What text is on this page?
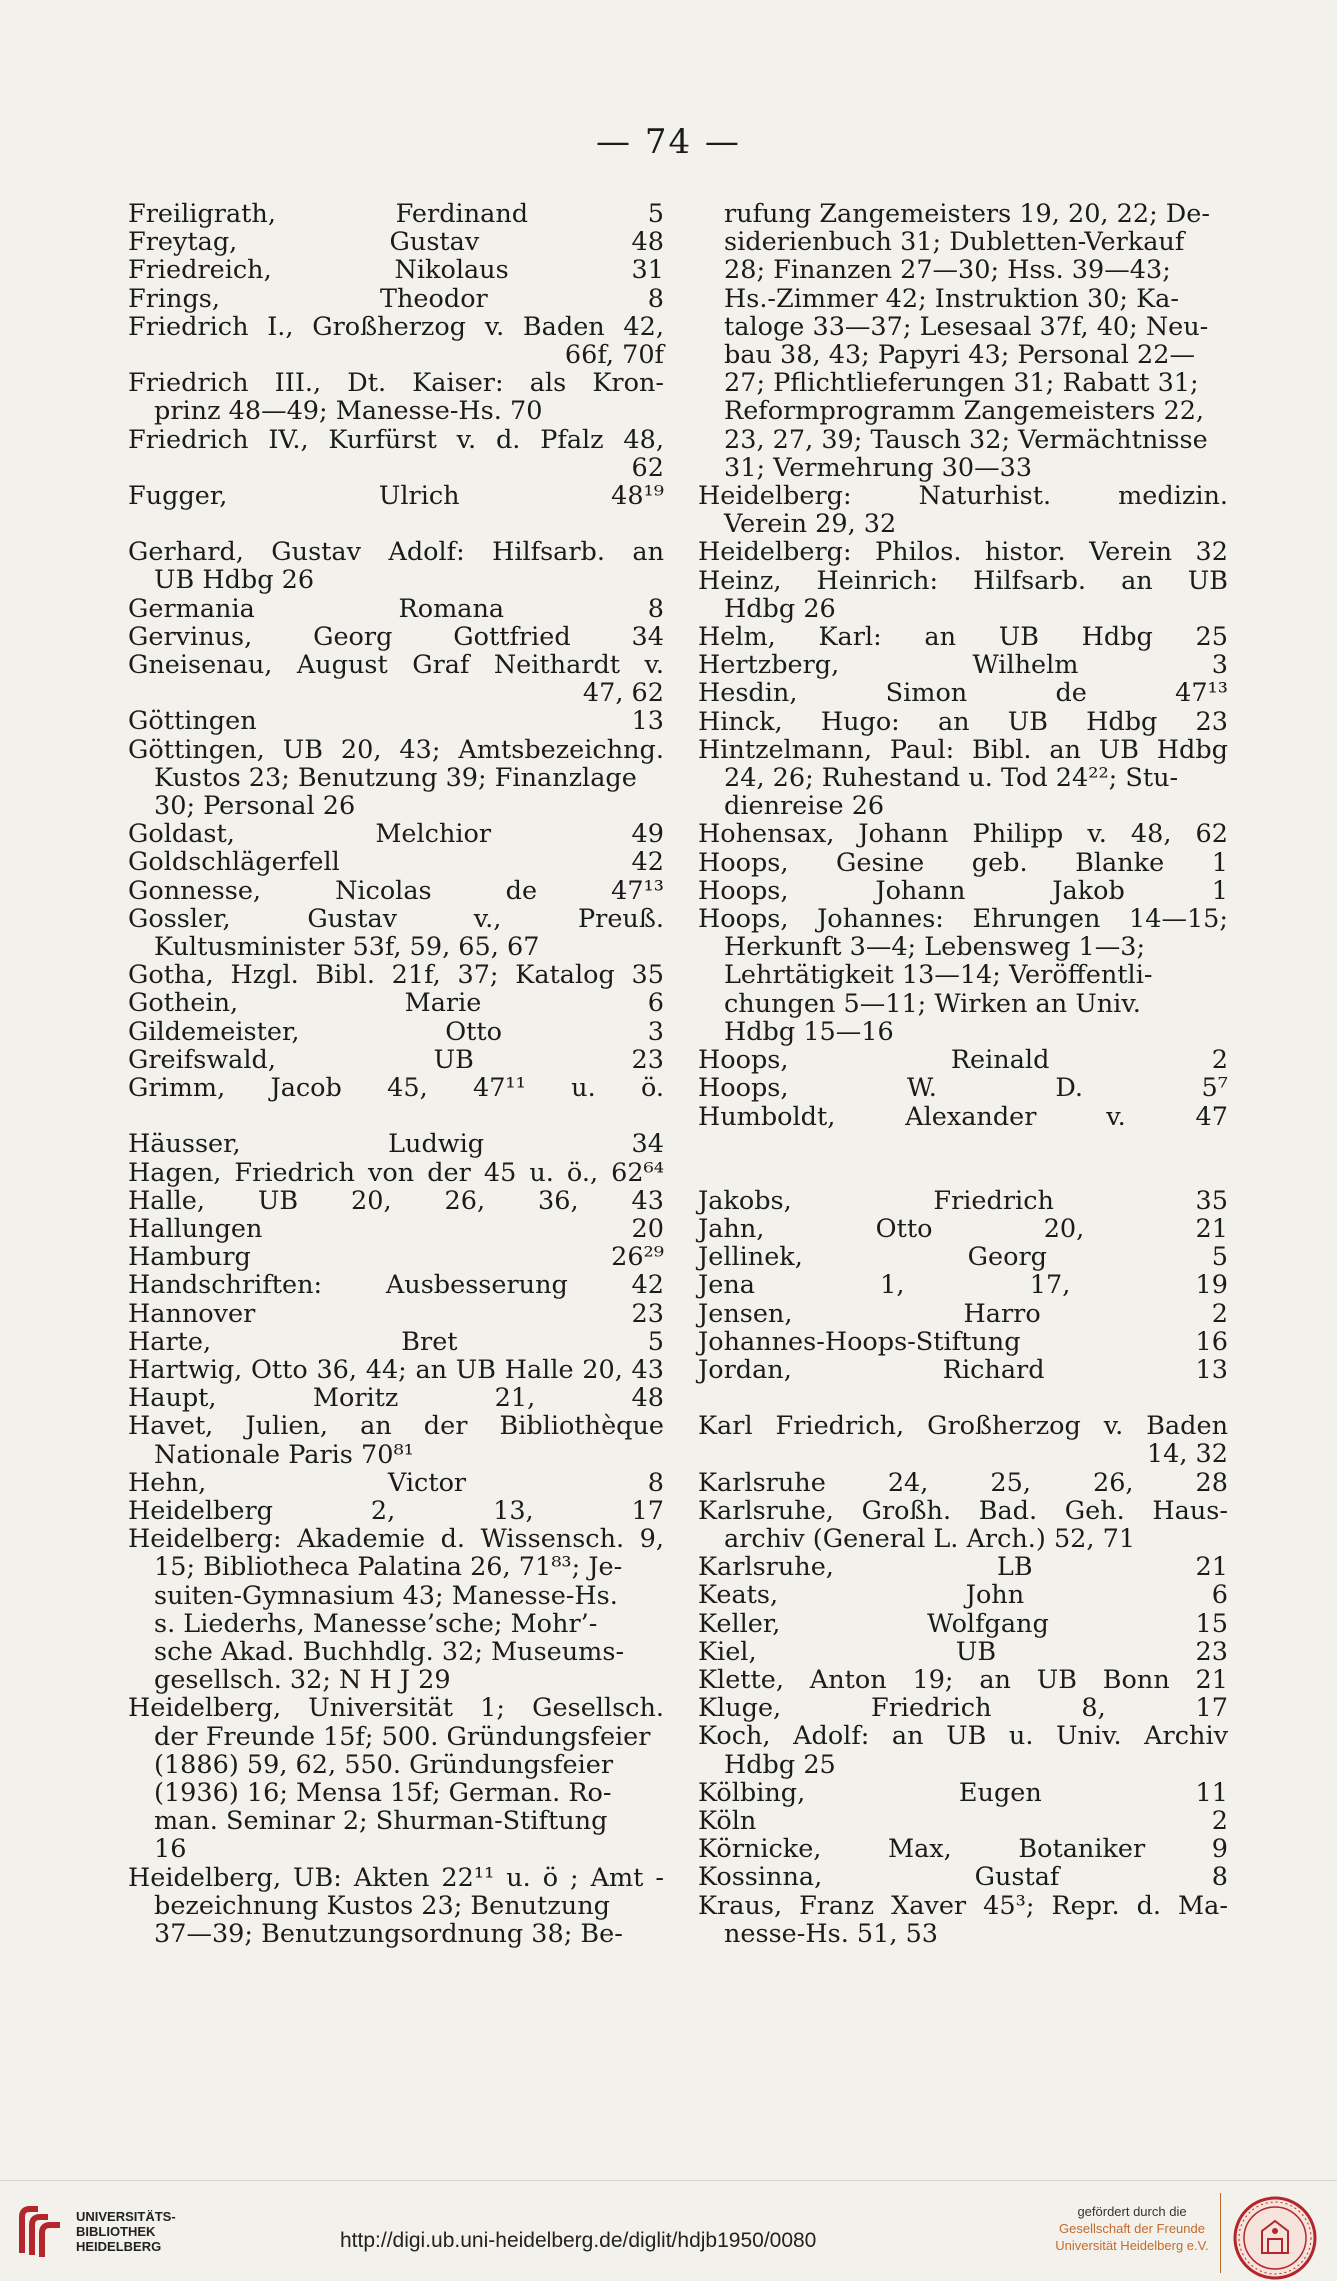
— 74 —
Freiligrath, Ferdinand 5
Freytag, Gustav 48
Friedreich, Nikolaus 31
Frings, Theodor 8
Friedrich I., Großherzog v. Baden 42,
66f, 70f
Friedrich III., Dt. Kaiser: als Kron-
prinz 48—49; Manesse-Hs. 70
Friedrich IV., Kurfürst v. d. Pfalz 48,
62
Fugger, Ulrich 48¹⁹
Gerhard, Gustav Adolf: Hilfsarb. an
UB Hdbg 26
Germania Romana 8
Gervinus, Georg Gottfried 34
Gneisenau, August Graf Neithardt v.
47, 62
Göttingen 13
Göttingen, UB 20, 43; Amtsbezeichng.
Kustos 23; Benutzung 39; Finanzlage
30; Personal 26
Goldast, Melchior 49
Goldschlägerfell 42
Gonnesse, Nicolas de 47¹³
Gossler, Gustav v., Preuß.
Kultusminister 53f, 59, 65, 67
Gotha, Hzgl. Bibl. 21f, 37; Katalog 35
Gothein, Marie 6
Gildemeister, Otto 3
Greifswald, UB 23
Grimm, Jacob 45, 47¹¹ u. ö.
Häusser, Ludwig 34
Hagen, Friedrich von der 45 u. ö., 62⁶⁴
Halle, UB 20, 26, 36, 43
Hallungen 20
Hamburg 26²⁹
Handschriften: Ausbesserung 42
Hannover 23
Harte, Bret 5
Hartwig, Otto 36, 44; an UB Halle 20, 43
Haupt, Moritz 21, 48
Havet, Julien, an der Bibliothèque
Nationale Paris 70⁸¹
Hehn, Victor 8
Heidelberg 2, 13, 17
Heidelberg: Akademie d. Wissensch. 9,
15; Bibliotheca Palatina 26, 71⁸³; Je-
suiten-Gymnasium 43; Manesse-Hs.
s. Liederhs, Manesse’sche; Mohr’-
sche Akad. Buchhdlg. 32; Museums-
gesellsch. 32; N H J 29
Heidelberg, Universität 1; Gesellsch.
der Freunde 15f; 500. Gründungsfeier
(1886) 59, 62, 550. Gründungsfeier
(1936) 16; Mensa 15f; German. Ro-
man. Seminar 2; Shurman-Stiftung
16
Heidelberg, UB: Akten 22¹¹ u. ö ; Amt -
bezeichnung Kustos 23; Benutzung
37—39; Benutzungsordnung 38; Be-
rufung Zangemeisters 19, 20, 22; De-
siderienbuch 31; Dubletten-Verkauf
28; Finanzen 27—30; Hss. 39—43;
Hs.-Zimmer 42; Instruktion 30; Ka-
taloge 33—37; Lesesaal 37f, 40; Neu-
bau 38, 43; Papyri 43; Personal 22—
27; Pflichtlieferungen 31; Rabatt 31;
Reformprogramm Zangemeisters 22,
23, 27, 39; Tausch 32; Vermächtnisse
31; Vermehrung 30—33
Heidelberg: Naturhist. medizin.
Verein 29, 32
Heidelberg: Philos. histor. Verein 32
Heinz, Heinrich: Hilfsarb. an UB
Hdbg 26
Helm, Karl: an UB Hdbg 25
Hertzberg, Wilhelm 3
Hesdin, Simon de 47¹³
Hinck, Hugo: an UB Hdbg 23
Hintzelmann, Paul: Bibl. an UB Hdbg
24, 26; Ruhestand u. Tod 24²²; Stu-
dienreise 26
Hohensax, Johann Philipp v. 48, 62
Hoops, Gesine geb. Blanke 1
Hoops, Johann Jakob 1
Hoops, Johannes: Ehrungen 14—15;
Herkunft 3—4; Lebensweg 1—3;
Lehrtätigkeit 13—14; Veröffentli-
chungen 5—11; Wirken an Univ.
Hdbg 15—16
Hoops, Reinald 2
Hoops, W. D. 5⁷
Humboldt, Alexander v. 47
Jakobs, Friedrich 35
Jahn, Otto 20, 21
Jellinek, Georg 5
Jena 1, 17, 19
Jensen, Harro 2
Johannes-Hoops-Stiftung 16
Jordan, Richard 13
Karl Friedrich, Großherzog v. Baden
14, 32
Karlsruhe 24, 25, 26, 28
Karlsruhe, Großh. Bad. Geh. Haus-
archiv (General L. Arch.) 52, 71
Karlsruhe, LB 21
Keats, John 6
Keller, Wolfgang 15
Kiel, UB 23
Klette, Anton 19; an UB Bonn 21
Kluge, Friedrich 8, 17
Koch, Adolf: an UB u. Univ. Archiv
Hdbg 25
Kölbing, Eugen 11
Köln 2
Körnicke, Max, Botaniker 9
Kossinna, Gustaf 8
Kraus, Franz Xaver 45³; Repr. d. Ma-
nesse-Hs. 51, 53
UNIVERSITÄTS-
BIBLIOTHEK
HEIDELBERG	http://digi.ub.uni-heidelberg.de/diglit/hdjb1950/0080
gefördert durch die
Gesellschaft der Freunde
Universität Heidelberg e.V.
